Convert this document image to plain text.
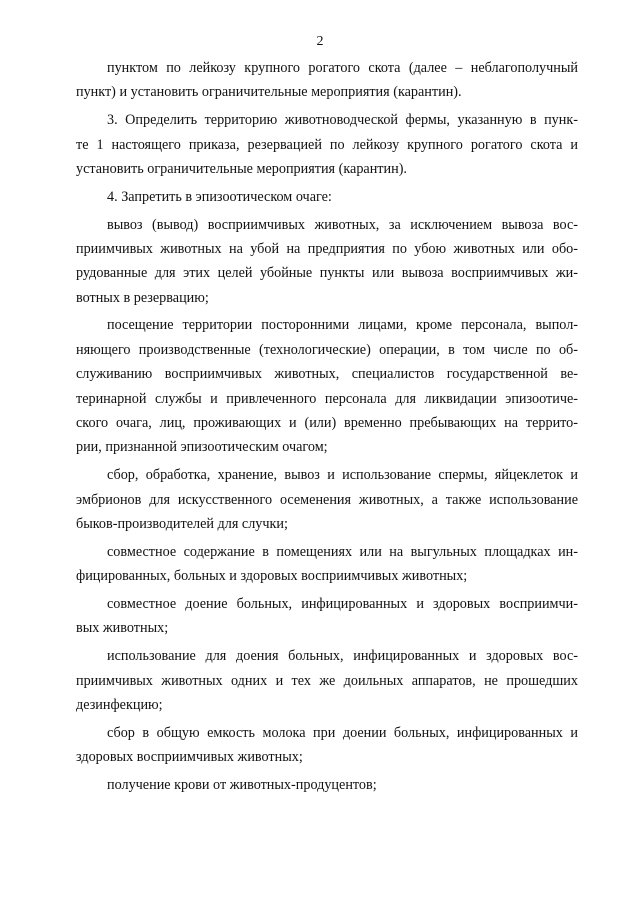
2
пунктом по лейкозу крупного рогатого скота (далее – неблагополучный
пункт) и установить ограничительные мероприятия (карантин).
3. Определить территорию животноводческой фермы, указанную в пунк-
те 1 настоящего приказа, резервацией по лейкозу крупного рогатого скота и
установить ограничительные мероприятия (карантин).
4. Запретить в эпизоотическом очаге:
вывоз (вывод) восприимчивых животных, за исключением вывоза вос-
приимчивых животных на убой на предприятия по убою животных или обо-
рудованные для этих целей убойные пункты или вывоза восприимчивых жи-
вотных в резервацию;
посещение территории посторонними лицами, кроме персонала, выпол-
няющего производственные (технологические) операции, в том числе по об-
служиванию восприимчивых животных, специалистов государственной ве-
теринарной службы и привлеченного персонала для ликвидации эпизоотиче-
ского очага, лиц, проживающих и (или) временно пребывающих на террито-
рии, признанной эпизоотическим очагом;
сбор, обработка, хранение, вывоз и использование спермы, яйцеклеток и
эмбрионов для искусственного осеменения животных, а также использование
быков-производителей для случки;
совместное содержание в помещениях или на выгульных площадках ин-
фицированных, больных и здоровых восприимчивых животных;
совместное доение больных, инфицированных и здоровых восприимчи-
вых животных;
использование для доения больных, инфицированных и здоровых вос-
приимчивых животных одних и тех же доильных аппаратов, не прошедших
дезинфекцию;
сбор в общую емкость молока при доении больных, инфицированных и
здоровых восприимчивых животных;
получение крови от животных-продуцентов;
